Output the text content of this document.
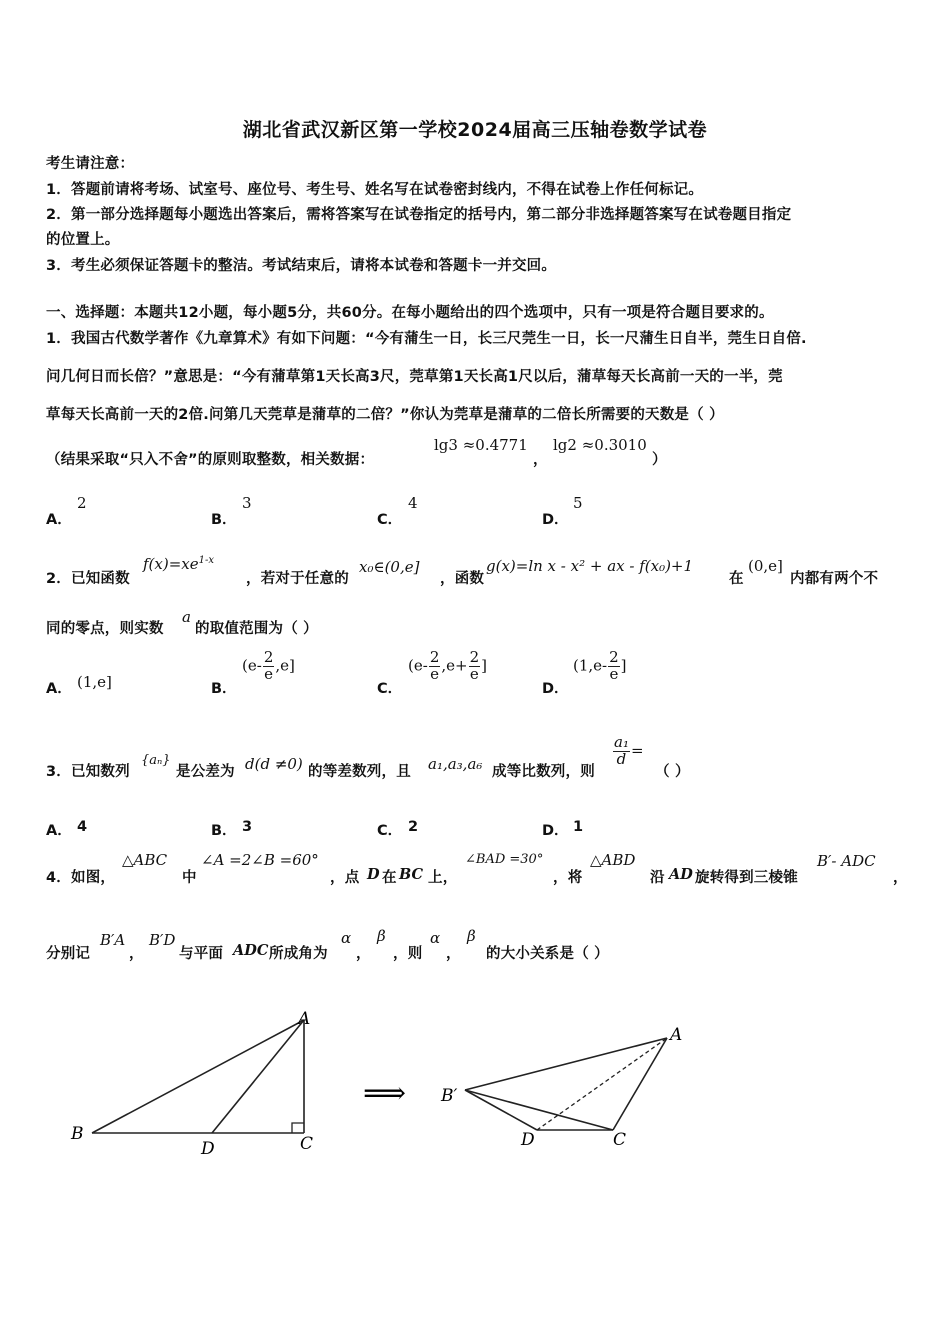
湖北省武汉新区第一学校2024届高三压轴卷数学试卷
考生请注意：
1．答题前请将考场、试室号、座位号、考生号、姓名写在试卷密封线内，不得在试卷上作任何标记。
2．第一部分选择题每小题选出答案后，需将答案写在试卷指定的括号内，第二部分非选择题答案写在试卷题目指定
的位置上。
3．考生必须保证答题卡的整洁。考试结束后，请将本试卷和答题卡一并交回。
一、选择题：本题共12小题，每小题5分，共60分。在每小题给出的四个选项中，只有一项是符合题目要求的。
1．我国古代数学著作《九章算术》有如下问题：“今有蒲生一日，长三尺莞生一日，长一尺蒲生日自半，莞生日自倍.
问几何日而长倍？”意思是：“今有蒲草第1天长高3尺，莞草第1天长高1尺以后，蒲草每天长高前一天的一半，莞
草每天长高前一天的2倍.问第几天莞草是蒲草的二倍？”你认为莞草是蒲草的二倍长所需要的天数是（ ）
（结果采取“只入不舍”的原则取整数，相关数据：
lg3 ≈0.4771
，
lg2 ≈0.3010
）
A．
2
B．
3
C．
4
D．
5
2．已知函数
$f(x)=xe^{1-x}$
，若对于任意的
x₀∈(0,e]
，函数
g(x)=ln x - x² + ax - f(x₀)+1
在
(0,e]
内都有两个不
同的零点，则实数
a
的取值范围为（ ）
A． (1,e]	B．
$(e- \frac{2}{e} ,e]$
C．
($e- \frac{2}{e} ,e+ \frac{2}{e}$ ]
D．
($1,e- \frac{2}{e}$ ]
3．已知数列
{aₙ}
是公差为 d(d ≠0) 的等差数列，且 a₁,a₃,a₆ 成等比数列，则
$\frac{\text{a₁}}{d}$ =
（ ）
A． 4	B． 3	C． 2	D． 1
4．如图，
△ABC
中
∠A =2∠B =60°
，点 D 在 BC 上，
∠BAD =30°
，将
△ABD
沿 AD 旋转得到三棱锥
B′- ADC
，
分别记
B′A
，
B′D
与平面 ADC 所成角为
α
，
β
，则
α
，
β
的大小关系是（ ）
A
B
D	C
⟹
A
B′
D	C
